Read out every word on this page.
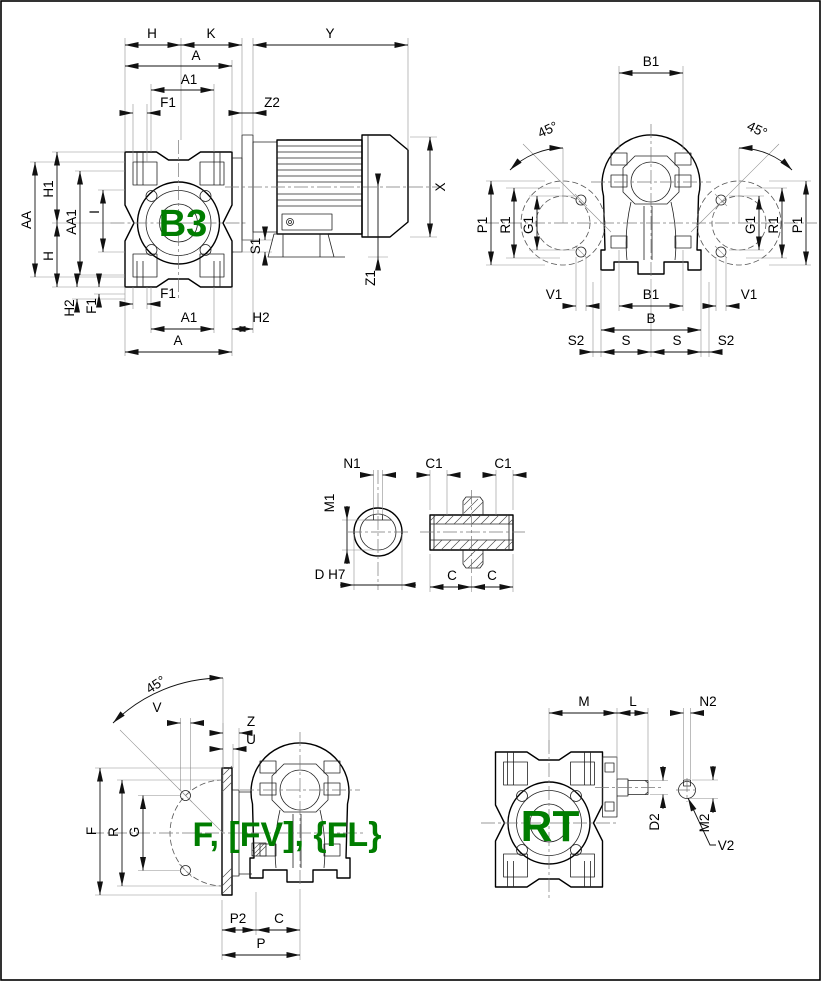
H	K	Y
A
A1
F1	Z2
AA
H1
AA1 I
H
H2 F1
F1
A1	H2
A
S1
X
Z1
B3
B1
45°	45°
P1 R1 G1	G1 R1 P1
V1	B1	V1
B
S2	S	S	S2
N1
M1
D H7
C1	C1
C C
45°
V
Z
U
G
R
F
P2 C
P
F, [FV], {FL}
M	L	N2
D2	M2
V2
RT
